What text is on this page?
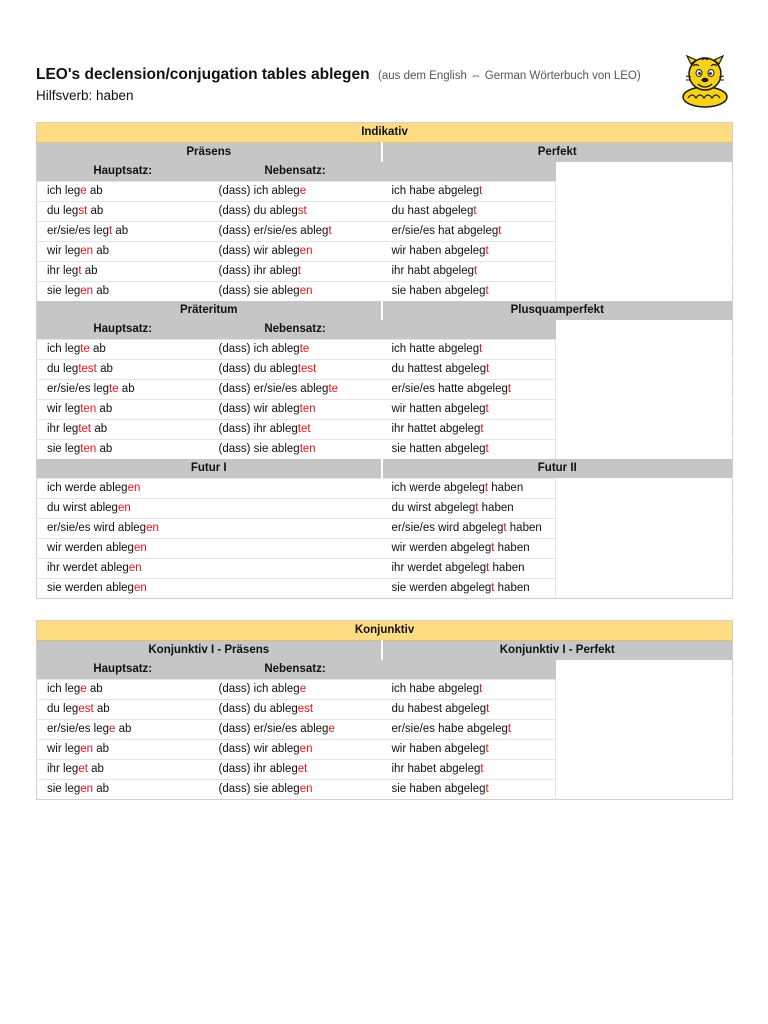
LEO's declension/conjugation tables ablegen (aus dem English ⇔ German Wörterbuch von LEO)
Hilfsverb: haben
Indikativ			
Präsens		Perfekt	
Hauptsatz:	Nebensatz:		
ich lege ab	(dass) ich ablege	ich habe abgelegt	
du legst ab	(dass) du ablegst	du hast abgelegt	
er/sie/es legt ab	(dass) er/sie/es ablegt	er/sie/es hat abgelegt	
wir legen ab	(dass) wir ablegen	wir haben abgelegt	
ihr legt ab	(dass) ihr ablegt	ihr habt abgelegt	
sie legen ab	(dass) sie ablegen	sie haben abgelegt	
Präteritum		Plusquamperfekt	
Hauptsatz:	Nebensatz:		
ich legte ab	(dass) ich ablegte	ich hatte abgelegt	
du legtest ab	(dass) du ablegtest	du hattest abgelegt	
er/sie/es legte ab	(dass) er/sie/es ablegte	er/sie/es hatte abgelegt	
wir legten ab	(dass) wir ablegten	wir hatten abgelegt	
ihr legtet ab	(dass) ihr ablegtet	ihr hattet abgelegt	
sie legten ab	(dass) sie ablegten	sie hatten abgelegt	
Futur I		Futur II	
ich werde ablegen		ich werde abgelegt haben	
du wirst ablegen		du wirst abgelegt haben	
er/sie/es wird ablegen		er/sie/es wird abgelegt haben	
wir werden ablegen		wir werden abgelegt haben	
ihr werdet ablegen		ihr werdet abgelegt haben	
sie werden ablegen		sie werden abgelegt haben	
Konjunktiv			
Konjunktiv I - Präsens		Konjunktiv I - Perfekt	
Hauptsatz:	Nebensatz:		
ich lege ab	(dass) ich ablege	ich habe abgelegt	
du legest ab	(dass) du ablegest	du habest abgelegt	
er/sie/es lege ab	(dass) er/sie/es ablege	er/sie/es habe abgelegt	
wir legen ab	(dass) wir ablegen	wir haben abgelegt	
ihr leget ab	(dass) ihr ableget	ihr habet abgelegt	
sie legen ab	(dass) sie ablegen	sie haben abgelegt	
